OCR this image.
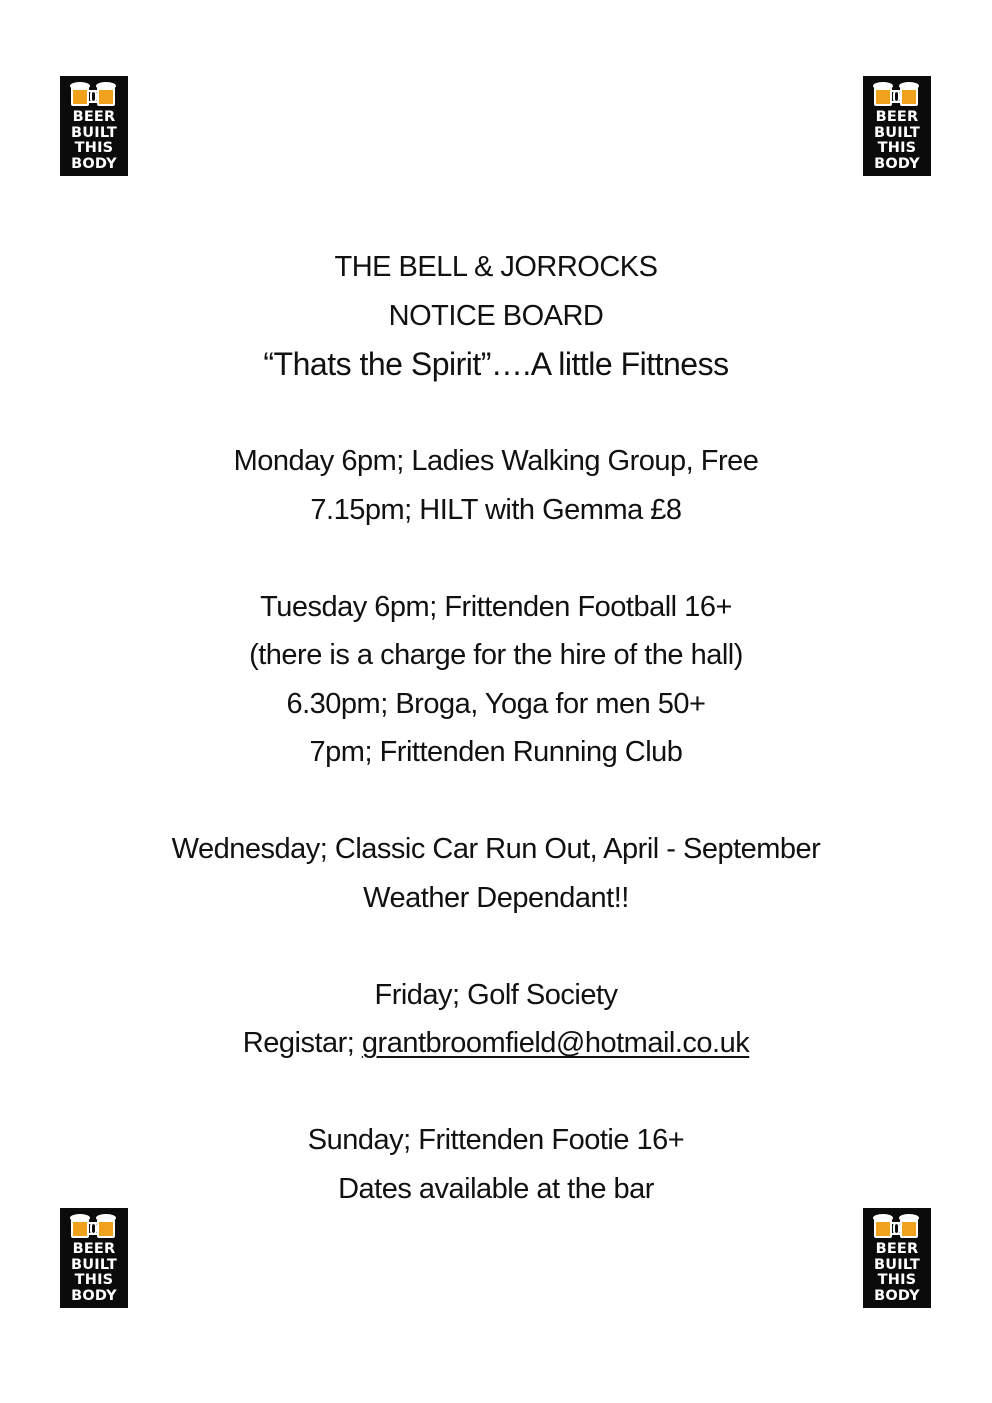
BEER
BUILT
THIS
BODY
BEER
BUILT
THIS
BODY
BEER
BUILT
THIS
BODY
BEER
BUILT
THIS
BODY
THE BELL & JORROCKS
NOTICE BOARD
“Thats the Spirit”….A little Fittness
Monday 6pm; Ladies Walking Group, Free
7.15pm; HILT with Gemma £8
Tuesday 6pm; Frittenden Football 16+
(there is a charge for the hire of the hall)
6.30pm; Broga, Yoga for men 50+
7pm; Frittenden Running Club
Wednesday; Classic Car Run Out, April - September
Weather Dependant!!
Friday; Golf Society
Registar; grantbroomfield@hotmail.co.uk
Sunday; Frittenden Footie 16+
Dates available at the bar
